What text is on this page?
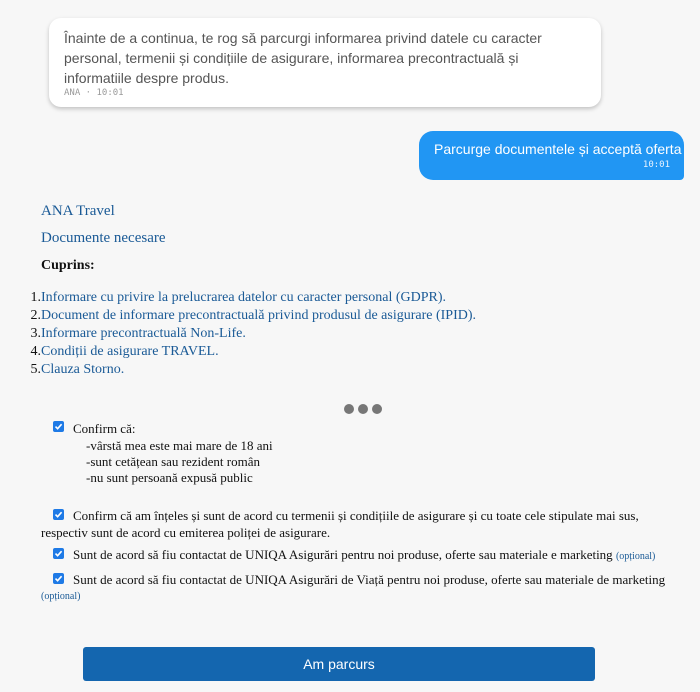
Înainte de a continua, te rog să parcurgi informarea privind datele cu caracter personal, termenii și condițiile de asigurare, informarea precontractuală și informatiile despre produs.
ANA · 10:01
Parcurge documentele și acceptă oferta
10:01
ANA Travel
Documente necesare
Cuprins:
1.Informare cu privire la prelucrarea datelor cu caracter personal (GDPR).
2.Document de informare precontractuală privind produsul de asigurare (IPID).
3.Informare precontractuală Non-Life.
4.Condiții de asigurare TRAVEL.
5.Clauza Storno.
Confirm că:
-vârstă mea este mai mare de 18 ani
-sunt cetățean sau rezident român
-nu sunt persoană expusă public
Confirm că am înțeles și sunt de acord cu termenii și condițiile de asigurare și cu toate cele stipulate mai sus,
respectiv sunt de acord cu emiterea poliței de asigurare.
Sunt de acord să fiu contactat de UNIQA Asigurări pentru noi produse, oferte sau materiale e marketing (opțional)
Sunt de acord să fiu contactat de UNIQA Asigurări de Viață pentru noi produse, oferte sau materiale de marketing
(opțional)
Am parcurs
